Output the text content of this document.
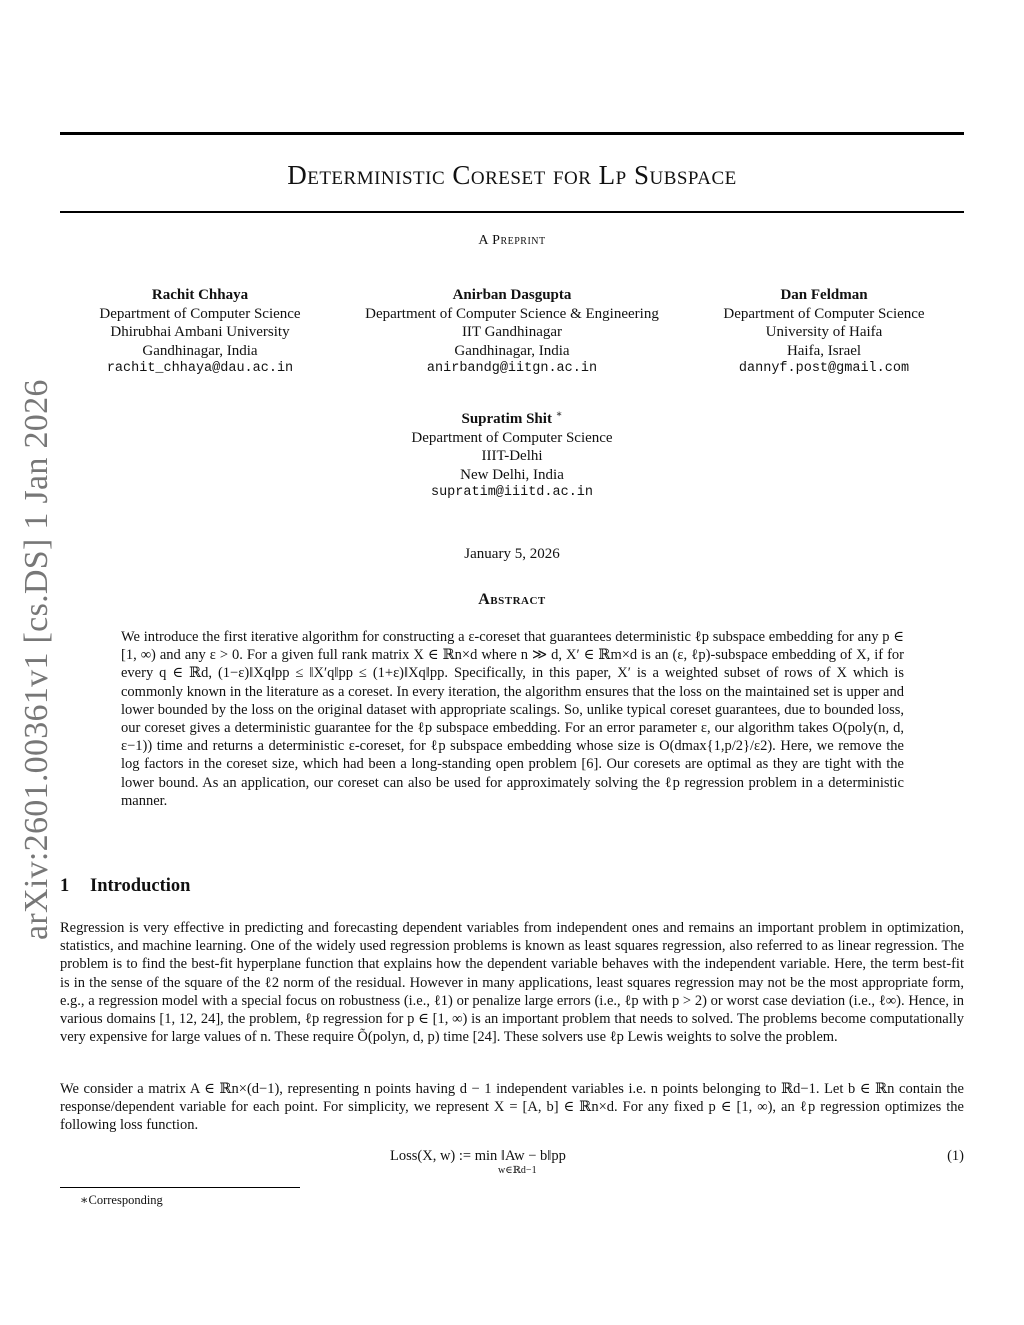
arXiv:2601.00361v1 [cs.DS] 1 Jan 2026
Deterministic Coreset for Lp Subspace
A Preprint
Rachit Chhaya
Department of Computer Science
Dhirubhai Ambani University
Gandhinagar, India
rachit_chhaya@dau.ac.in
Anirban Dasgupta
Department of Computer Science & Engineering
IIT Gandhinagar
Gandhinagar, India
anirbandg@iitgn.ac.in
Dan Feldman
Department of Computer Science
University of Haifa
Haifa, Israel
dannyf.post@gmail.com
Supratim Shit ∗
Department of Computer Science
IIIT-Delhi
New Delhi, India
supratim@iiitd.ac.in
January 5, 2026
Abstract
We introduce the first iterative algorithm for constructing a ε-coreset that guarantees deterministic ℓp subspace embedding for any p ∈ [1, ∞) and any ε > 0. For a given full rank matrix X ∈ ℝn×d where n ≫ d, X′ ∈ ℝm×d is an (ε, ℓp)-subspace embedding of X, if for every q ∈ ℝd, (1−ε)‖Xq‖pp ≤ ‖X′q‖pp ≤ (1+ε)‖Xq‖pp. Specifically, in this paper, X′ is a weighted subset of rows of X which is commonly known in the literature as a coreset. In every iteration, the algorithm ensures that the loss on the maintained set is upper and lower bounded by the loss on the original dataset with appropriate scalings. So, unlike typical coreset guarantees, due to bounded loss, our coreset gives a deterministic guarantee for the ℓp subspace embedding. For an error parameter ε, our algorithm takes O(poly(n, d, ε−1)) time and returns a deterministic ε-coreset, for ℓp subspace embedding whose size is O(dmax{1,p/2}/ε2). Here, we remove the log factors in the coreset size, which had been a long-standing open problem [6]. Our coresets are optimal as they are tight with the lower bound. As an application, our coreset can also be used for approximately solving the ℓp regression problem in a deterministic manner.
1 Introduction
Regression is very effective in predicting and forecasting dependent variables from independent ones and remains an important problem in optimization, statistics, and machine learning. One of the widely used regression problems is known as least squares regression, also referred to as linear regression. The problem is to find the best-fit hyperplane function that explains how the dependent variable behaves with the independent variable. Here, the term best-fit is in the sense of the square of the ℓ2 norm of the residual. However in many applications, least squares regression may not be the most appropriate form, e.g., a regression model with a special focus on robustness (i.e., ℓ1) or penalize large errors (i.e., ℓp with p > 2) or worst case deviation (i.e., ℓ∞). Hence, in various domains [1, 12, 24], the problem, ℓp regression for p ∈ [1, ∞) is an important problem that needs to solved. The problems become computationally very expensive for large values of n. These require Õ(polyn, d, p) time [24]. These solvers use ℓp Lewis weights to solve the problem.
We consider a matrix A ∈ ℝn×(d−1), representing n points having d − 1 independent variables i.e. n points belonging to ℝd−1. Let b ∈ ℝn contain the response/dependent variable for each point. For simplicity, we represent X = [A, b] ∈ ℝn×d. For any fixed p ∈ [1, ∞), an ℓp regression optimizes the following loss function.
Loss(X, w) := min ‖Aw − b‖pp
w∈ℝd−1
(1)
∗Corresponding
